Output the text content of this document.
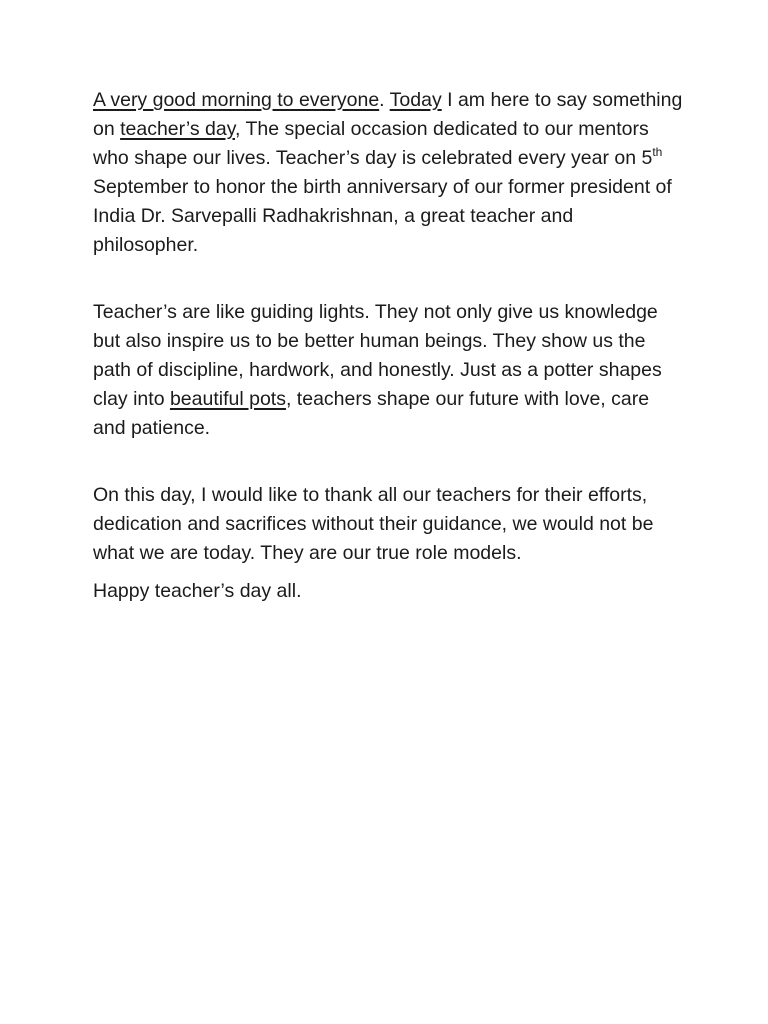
A very good morning to everyone. Today I am here to say something on teacher’s day, The special occasion dedicated to our mentors who shape our lives. Teacher’s day is celebrated every year on 5th September to honor the birth anniversary of our former president of India Dr. Sarvepalli Radhakrishnan, a great teacher and philosopher.

Teacher’s are like guiding lights. They not only give us knowledge but also inspire us to be better human beings. They show us the path of discipline, hardwork, and honestly. Just as a potter shapes clay into beautiful pots, teachers shape our future with love, care and patience.

On this day, I would like to thank all our teachers for their efforts, dedication and sacrifices without their guidance, we would not be what we are today. They are our true role models.

Happy teacher’s day all.
